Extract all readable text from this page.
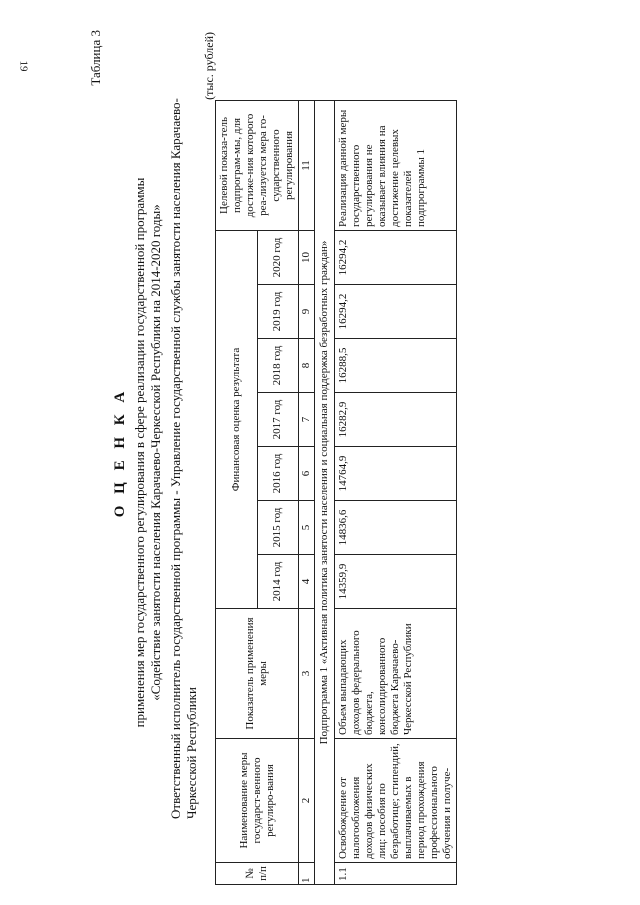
19	Таблица 3
О Ц Е Н К А применения мер государственного регулирования в сфере реализации государственной программы «Содействие занятости населения Карачаево-Черкесской Республики на 2014-2020 годы» Ответственный исполнитель государственной программы - Управление государственной службы занятости населения Карачаево-Черкесской Республики
(тыс. рублей)
№ п/п	Наименование меры государст-венного регулиро-вания	Показатель применения меры	Финансовая оценка результата							Целевой показа-тель подпрограм-мы, для достиже-ния которого реа-лизуется мера го-сударственного регулирования
			2014 год	2015 год	2016 год	2017 год	2018 год	2019 год	2020 год	
1	2	3	4	5	6	7	8	9	10	11
Подпрограмма 1 «Активная политика занятости населения и социальная поддержка безработных граждан»										
1.1	Освобождение от налогообложения доходов физических лиц: пособия по безработице; стипендий, выплачиваемых в период прохождения профессионального обучения и получе-	Объем выпадающих доходов федерального бюджета, консолидированного бюджета Карачаево-Черкесской Республики	14359,9	14836,6	14764,9	16282,9	16288,5	16294,2	16294,2	Реализация данной меры государственного регулирования не оказывает влияния на достижение целевых показателей подпрограммы 1
